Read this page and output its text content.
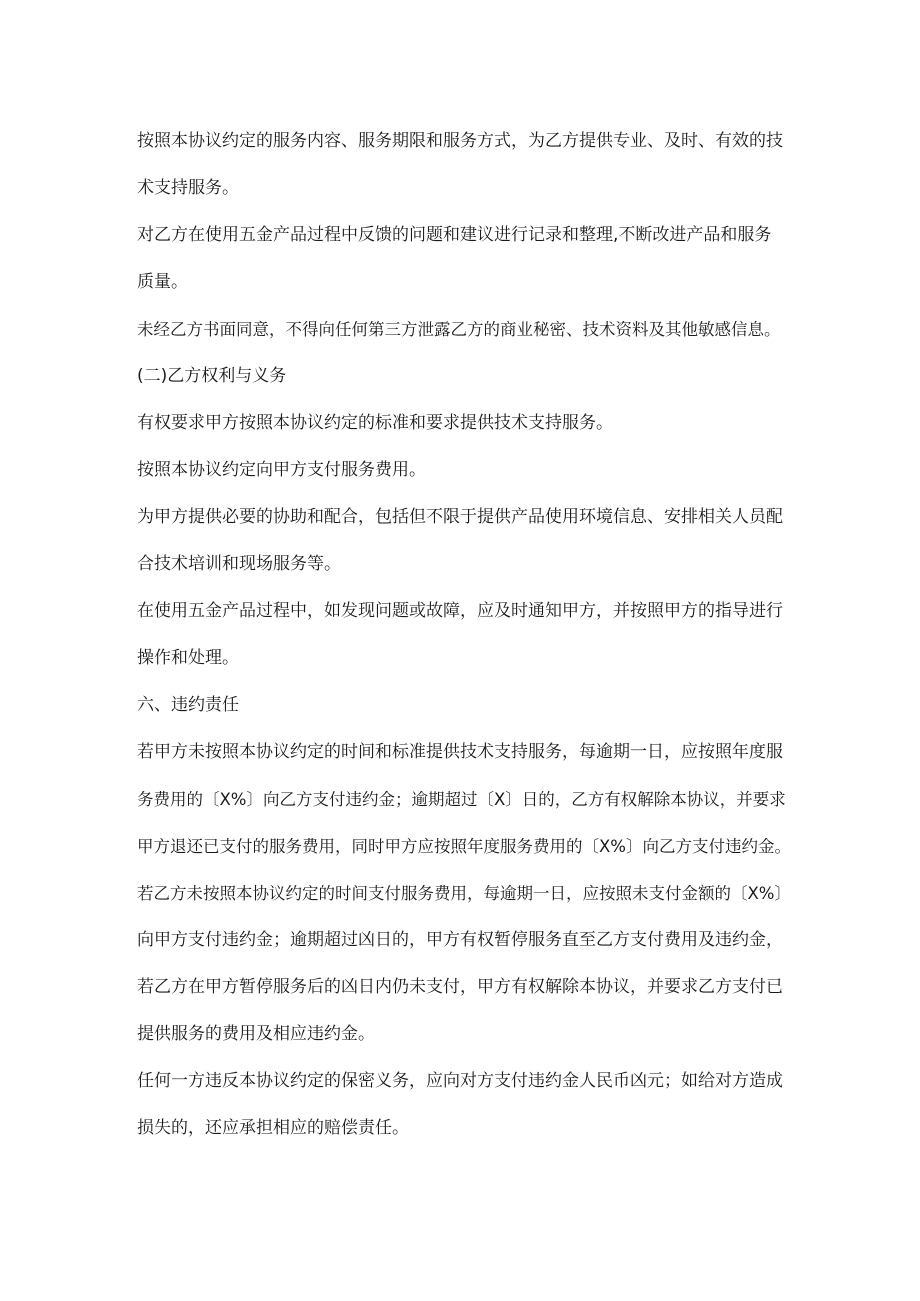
按照本协议约定的服务内容、服务期限和服务方式，为乙方提供专业、及时、有效的技
术支持服务。

对乙方在使用五金产品过程中反馈的问题和建议进行记录和整理,不断改进产品和服务
质量。

未经乙方书面同意，不得向任何第三方泄露乙方的商业秘密、技术资料及其他敏感信息。

(二)乙方权利与义务

有权要求甲方按照本协议约定的标准和要求提供技术支持服务。

按照本协议约定向甲方支付服务费用。

为甲方提供必要的协助和配合，包括但不限于提供产品使用环境信息、安排相关人员配
合技术培训和现场服务等。

在使用五金产品过程中，如发现问题或故障，应及时通知甲方，并按照甲方的指导进行
操作和处理。

六、违约责任

若甲方未按照本协议约定的时间和标准提供技术支持服务，每逾期一日，应按照年度服
务费用的〔X%〕向乙方支付违约金；逾期超过〔X〕日的，乙方有权解除本协议，并要求
甲方退还已支付的服务费用，同时甲方应按照年度服务费用的〔X%〕向乙方支付违约金。

若乙方未按照本协议约定的时间支付服务费用，每逾期一日，应按照未支付金额的〔X%〕
向甲方支付违约金；逾期超过凶日的，甲方有权暂停服务直至乙方支付费用及违约金，
若乙方在甲方暂停服务后的凶日内仍未支付，甲方有权解除本协议，并要求乙方支付已
提供服务的费用及相应违约金。

任何一方违反本协议约定的保密义务，应向对方支付违约金人民币凶元；如给对方造成
损失的，还应承担相应的赔偿责任。
